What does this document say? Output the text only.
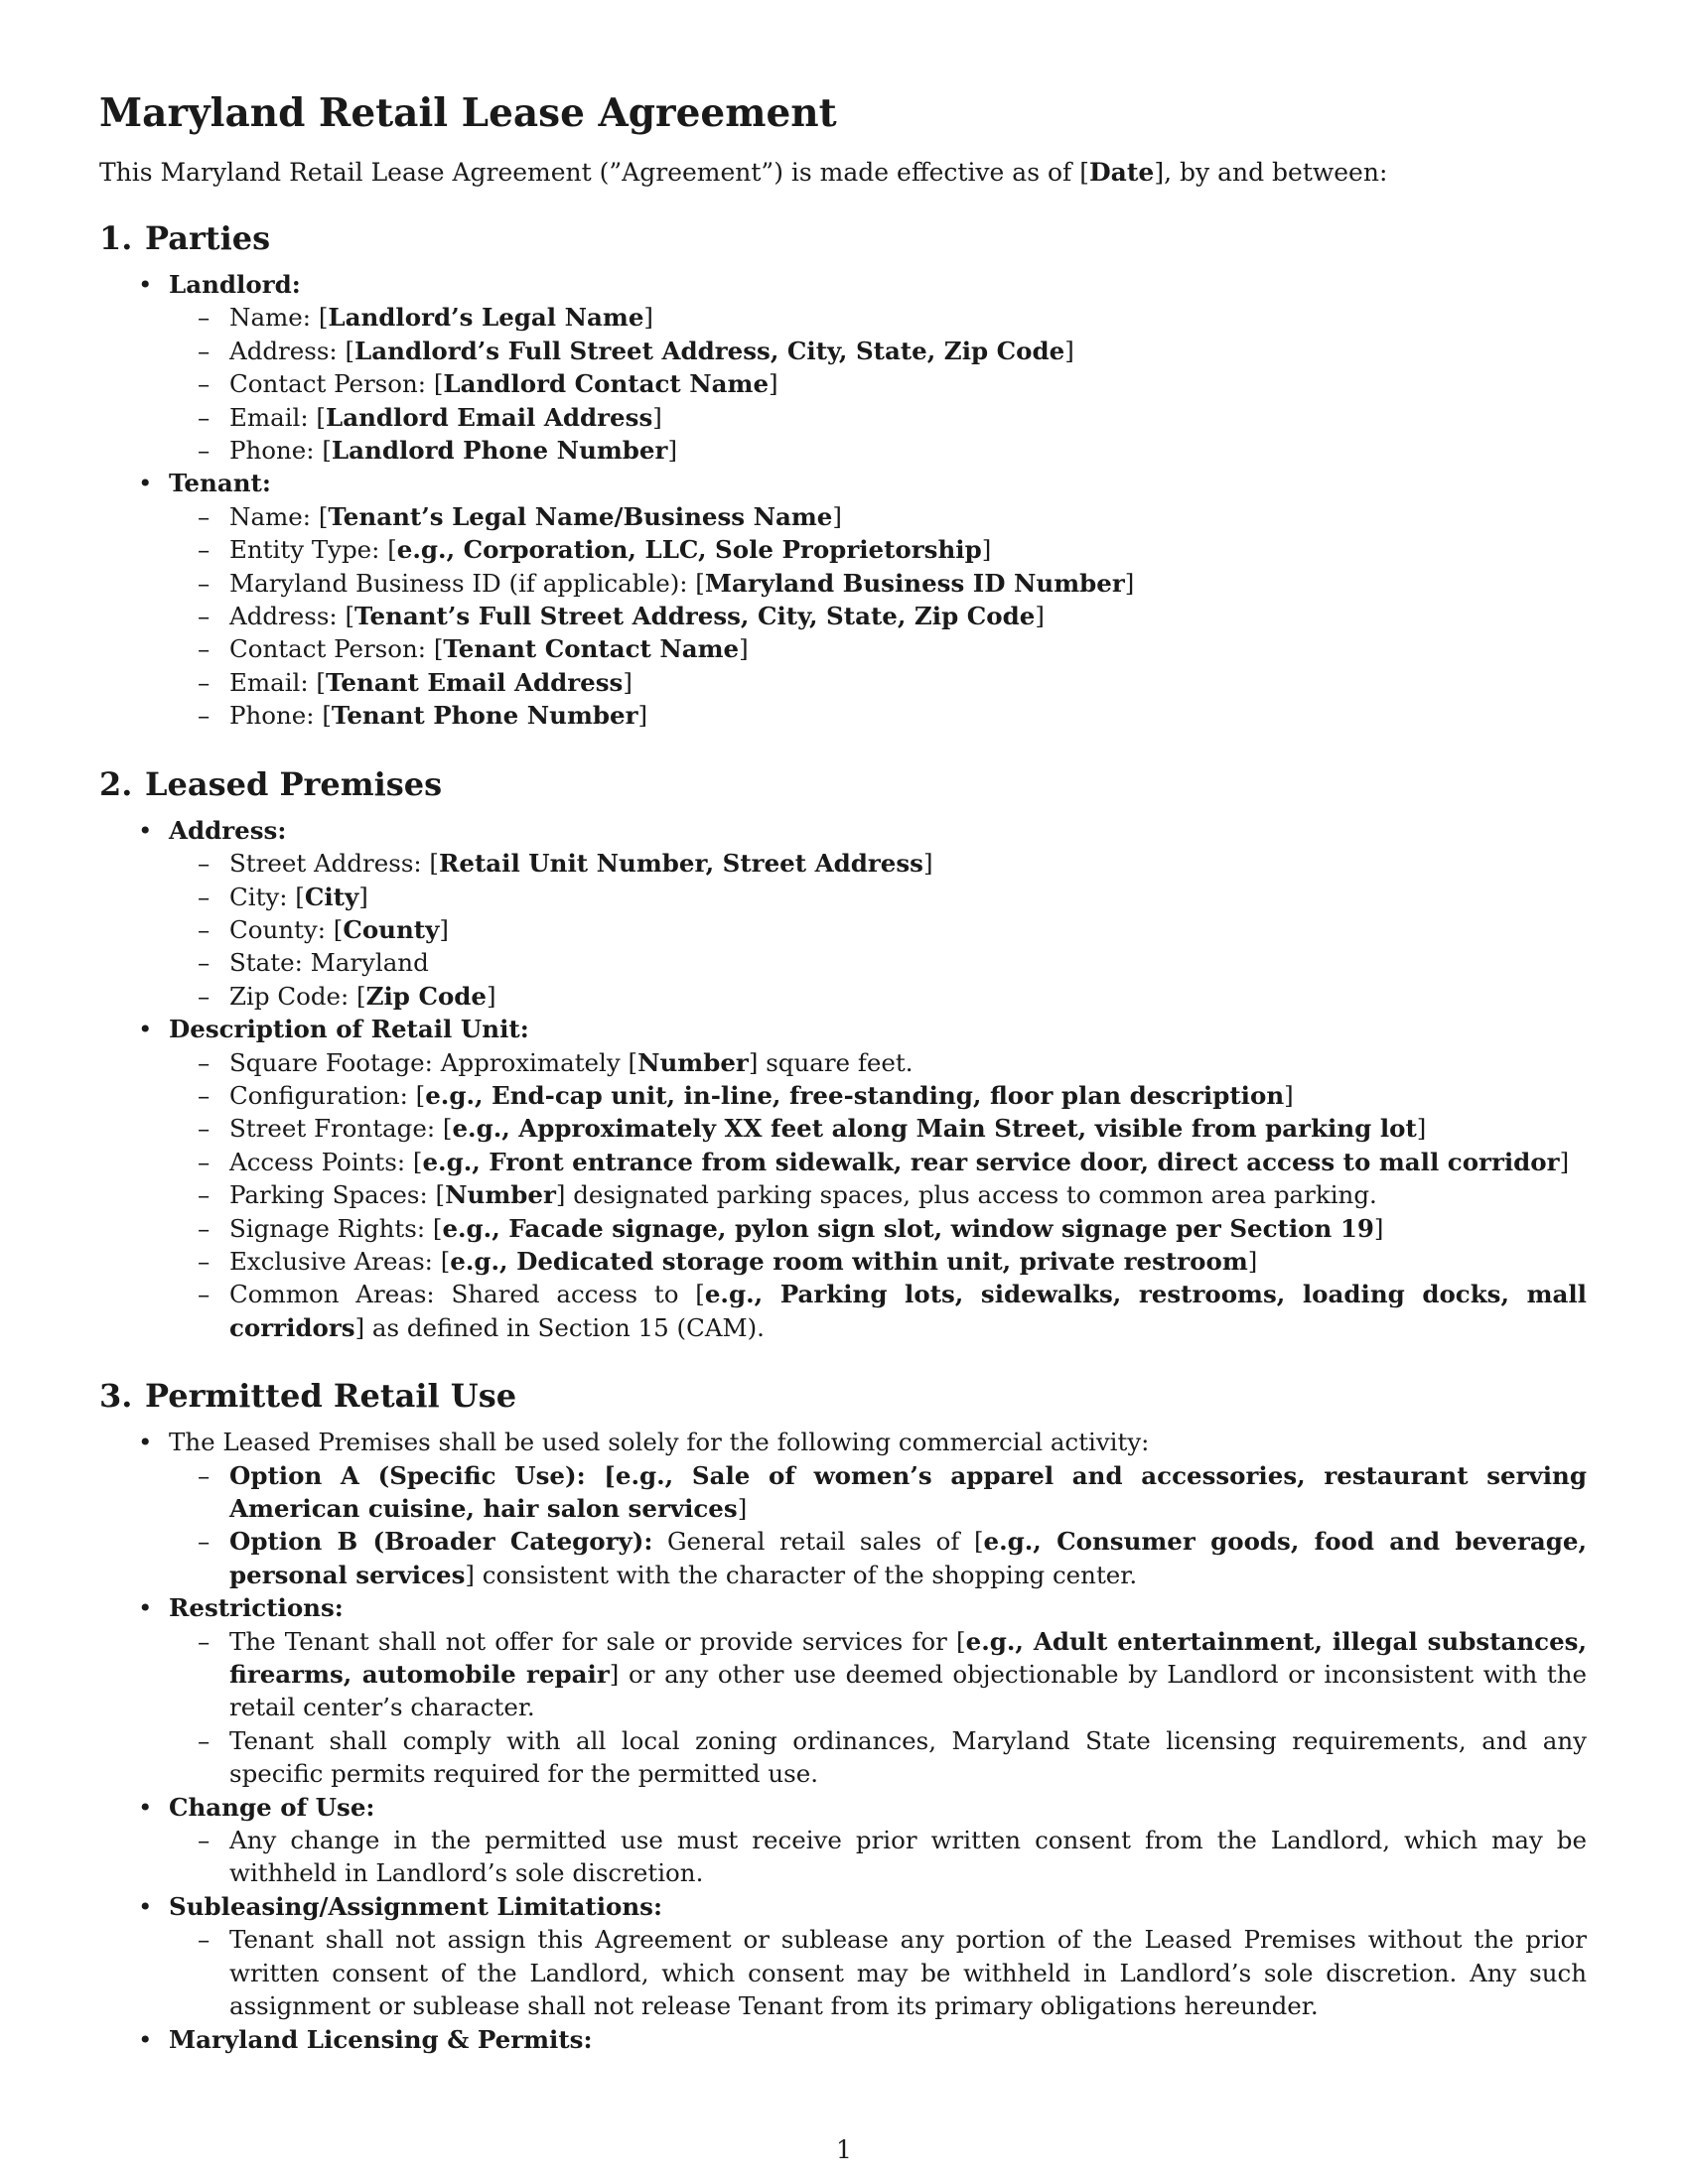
Maryland Retail Lease Agreement

This Maryland Retail Lease Agreement (”Agreement”) is made effective as of [Date], by and between:

1. Parties
• Landlord:
– Name: [Landlord’s Legal Name]
– Address: [Landlord’s Full Street Address, City, State, Zip Code]
– Contact Person: [Landlord Contact Name]
– Email: [Landlord Email Address]
– Phone: [Landlord Phone Number]
• Tenant:
– Name: [Tenant’s Legal Name/Business Name]
– Entity Type: [e.g., Corporation, LLC, Sole Proprietorship]
– Maryland Business ID (if applicable): [Maryland Business ID Number]
– Address: [Tenant’s Full Street Address, City, State, Zip Code]
– Contact Person: [Tenant Contact Name]
– Email: [Tenant Email Address]
– Phone: [Tenant Phone Number]
2. Leased Premises
• Address:
– Street Address: [Retail Unit Number, Street Address]
– City: [City]
– County: [County]
– State: Maryland
– Zip Code: [Zip Code]
• Description of Retail Unit:
– Square Footage: Approximately [Number] square feet.
– Configuration: [e.g., End-cap unit, in-line, free-standing, floor plan description]
– Street Frontage: [e.g., Approximately XX feet along Main Street, visible from parking lot]
– Access Points: [e.g., Front entrance from sidewalk, rear service door, direct access to mall corridor]
– Parking Spaces: [Number] designated parking spaces, plus access to common area parking.
– Signage Rights: [e.g., Facade signage, pylon sign slot, window signage per Section 19]
– Exclusive Areas: [e.g., Dedicated storage room within unit, private restroom]
– Common Areas: Shared access to [e.g., Parking lots, sidewalks, restrooms, loading docks, mall corridors] as defined in Section 15 (CAM).
3. Permitted Retail Use
• The Leased Premises shall be used solely for the following commercial activity:
– Option A (Specific Use): [e.g., Sale of women’s apparel and accessories, restaurant serving American cuisine, hair salon services]
– Option B (Broader Category): General retail sales of [e.g., Consumer goods, food and beverage, personal services] consistent with the character of the shopping center.
• Restrictions:
– The Tenant shall not offer for sale or provide services for [e.g., Adult entertainment, illegal substances, firearms, automobile repair] or any other use deemed objectionable by Landlord or inconsistent with the retail center’s character.
– Tenant shall comply with all local zoning ordinances, Maryland State licensing requirements, and any specific permits required for the permitted use.
• Change of Use:
– Any change in the permitted use must receive prior written consent from the Landlord, which may be withheld in Landlord’s sole discretion.
• Subleasing/Assignment Limitations:
– Tenant shall not assign this Agreement or sublease any portion of the Leased Premises without the prior written consent of the Landlord, which consent may be withheld in Landlord’s sole discretion. Any such assignment or sublease shall not release Tenant from its primary obligations hereunder.
• Maryland Licensing & Permits:
1
